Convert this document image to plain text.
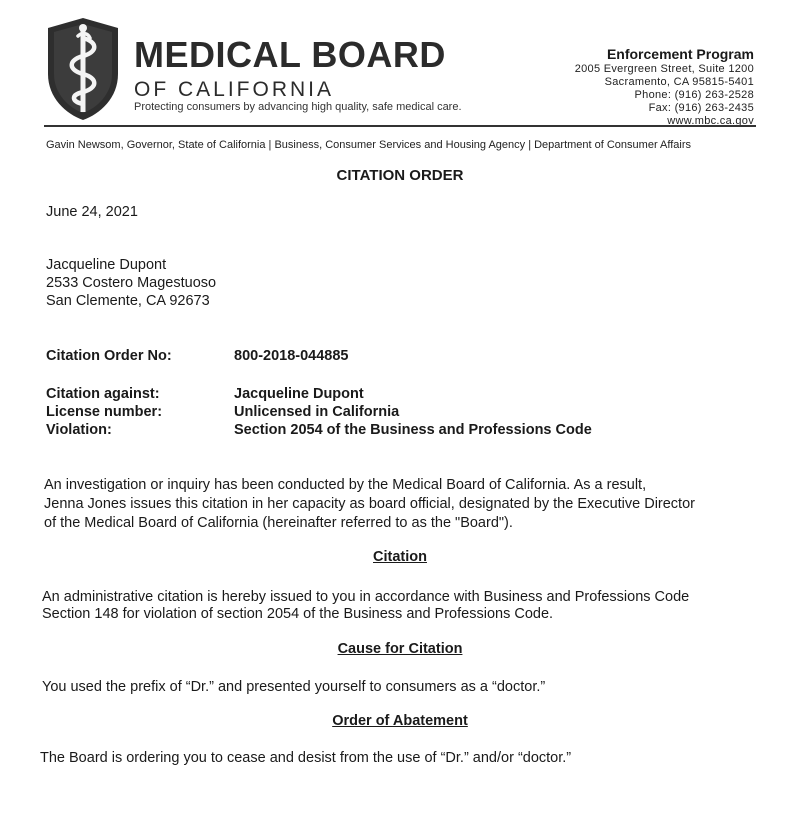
MEDICAL BOARD
OF CALIFORNIA
Protecting consumers by advancing high quality, safe medical care.
Enforcement Program
2005 Evergreen Street, Suite 1200
Sacramento, CA 95815-5401
Phone: (916) 263-2528
Fax: (916) 263-2435
www.mbc.ca.gov
Gavin Newsom, Governor, State of California | Business, Consumer Services and Housing Agency | Department of Consumer Affairs
CITATION ORDER
June 24, 2021
Jacqueline Dupont
2533 Costero Magestuoso
San Clemente, CA 92673
Citation Order No:	800-2018-044885
Citation against:	Jacqueline Dupont
License number:	Unlicensed in California
Violation:	Section 2054 of the Business and Professions Code
An investigation or inquiry has been conducted by the Medical Board of California. As a result,
Jenna Jones issues this citation in her capacity as board official, designated by the Executive Director
of the Medical Board of California (hereinafter referred to as the "Board").
Citation
An administrative citation is hereby issued to you in accordance with Business and Professions Code
Section 148 for violation of section 2054 of the Business and Professions Code.
Cause for Citation
You used the prefix of “Dr.” and presented yourself to consumers as a “doctor.”
Order of Abatement
The Board is ordering you to cease and desist from the use of “Dr.” and/or “doctor.”
